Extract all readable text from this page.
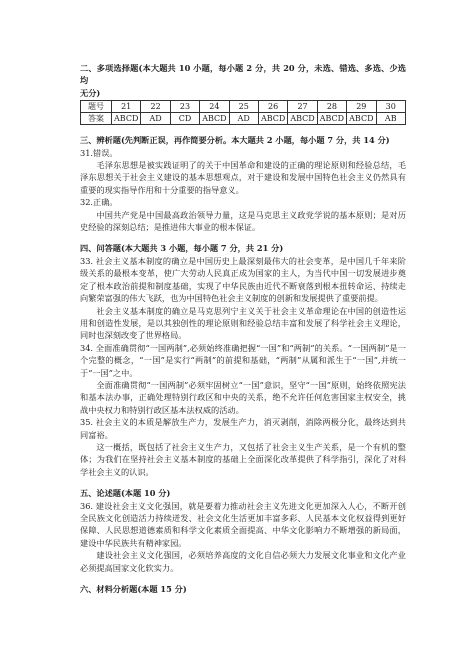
二、多项选择题(本大题共 10 小题，每小题 2 分，共 20 分，未选、错选、多选、少选均

无分)

题号	21	22	23	24	25	26	27	28	29	30
答案	ABCD	AD	CD	ABCD	AD	ABCD	ABCD	ABCD	ABCD	AB

三、辨析题(先判断正误，再作简要分析。本大题共 2 小题，每小题 7 分，共 14 分)

31.错误。

毛泽东思想是被实践证明了的关于中国革命和建设的正确的理论原则和经验总结，毛泽东思想关于社会主义建设的基本思想观点，对于建设和发展中国特色社会主义仍然具有重要的现实指导作用和十分重要的指导意义。

32.正确。

中国共产党是中国最高政治领导力量，这是马克思主义政党学说的基本原则；是对历史经验的深刻总结；是推进伟大事业的根本保证。

四、问答题(本大题共 3 小题，每小题 7 分，共 21 分)

33. 社会主义基本制度的确立是中国历史上最深刻最伟大的社会变革，是中国几千年来阶级关系的最根本变革，使广大劳动人民真正成为国家的主人，为当代中国一切发展进步奠定了根本政治前提和制度基础，实现了中华民族由近代不断衰落到根本扭转命运、持续走向繁荣富强的伟大飞跃，也为中国特色社会主义制度的创新和发展提供了重要前提。

社会主义基本制度的确立是马克思列宁主义关于社会主义革命理论在中国的创造性运用和创造性发展，是以其独创性的理论原则和经验总结丰富和发展了科学社会主义理论，同时也深刻改变了世界格局。

34. 全面准确贯彻“一国两制”,必须始终准确把握“一国”和“两制”的关系。“一国两制”是一个完整的概念，“一国”是实行“两制”的前提和基础，“两制”从属和派生于“一国”,并统一于“一国”之中。

全面准确贯彻“一国两制”必须牢固树立“一国”意识，坚守“一国”原则，始终依照宪法和基本法办事，正确处理特别行政区和中央的关系，绝不允许任何危害国家主权安全，挑战中央权力和特别行政区基本法权威的活动。

35. 社会主义的本质是解放生产力，发展生产力，消灭剥削，消除两极分化，最终达到共同富裕。

这一概括，既包括了社会主义生产力，又包括了社会主义生产关系，是一个有机的整体；为我们在坚持社会主义基本制度的基础上全面深化改革提供了科学指引，深化了对科学社会主义的认识。

五、论述题(本题 10 分)

36. 建设社会主义文化强国，就是要着力推动社会主义先进文化更加深入人心，不断开创全民族文化创造活力持续迸发、社会文化生活更加丰富多彩、人民基本文化权益得到更好保障、人民思想道德素质和科学文化素质全面提高、中华文化影响力不断增强的新局面，建设中华民族共有精神家园。

建设社会主义文化强国，必须培养高度的文化自信必须大力发展文化事业和文化产业必须提高国家文化软实力。

六、材料分析题(本题 15 分)
